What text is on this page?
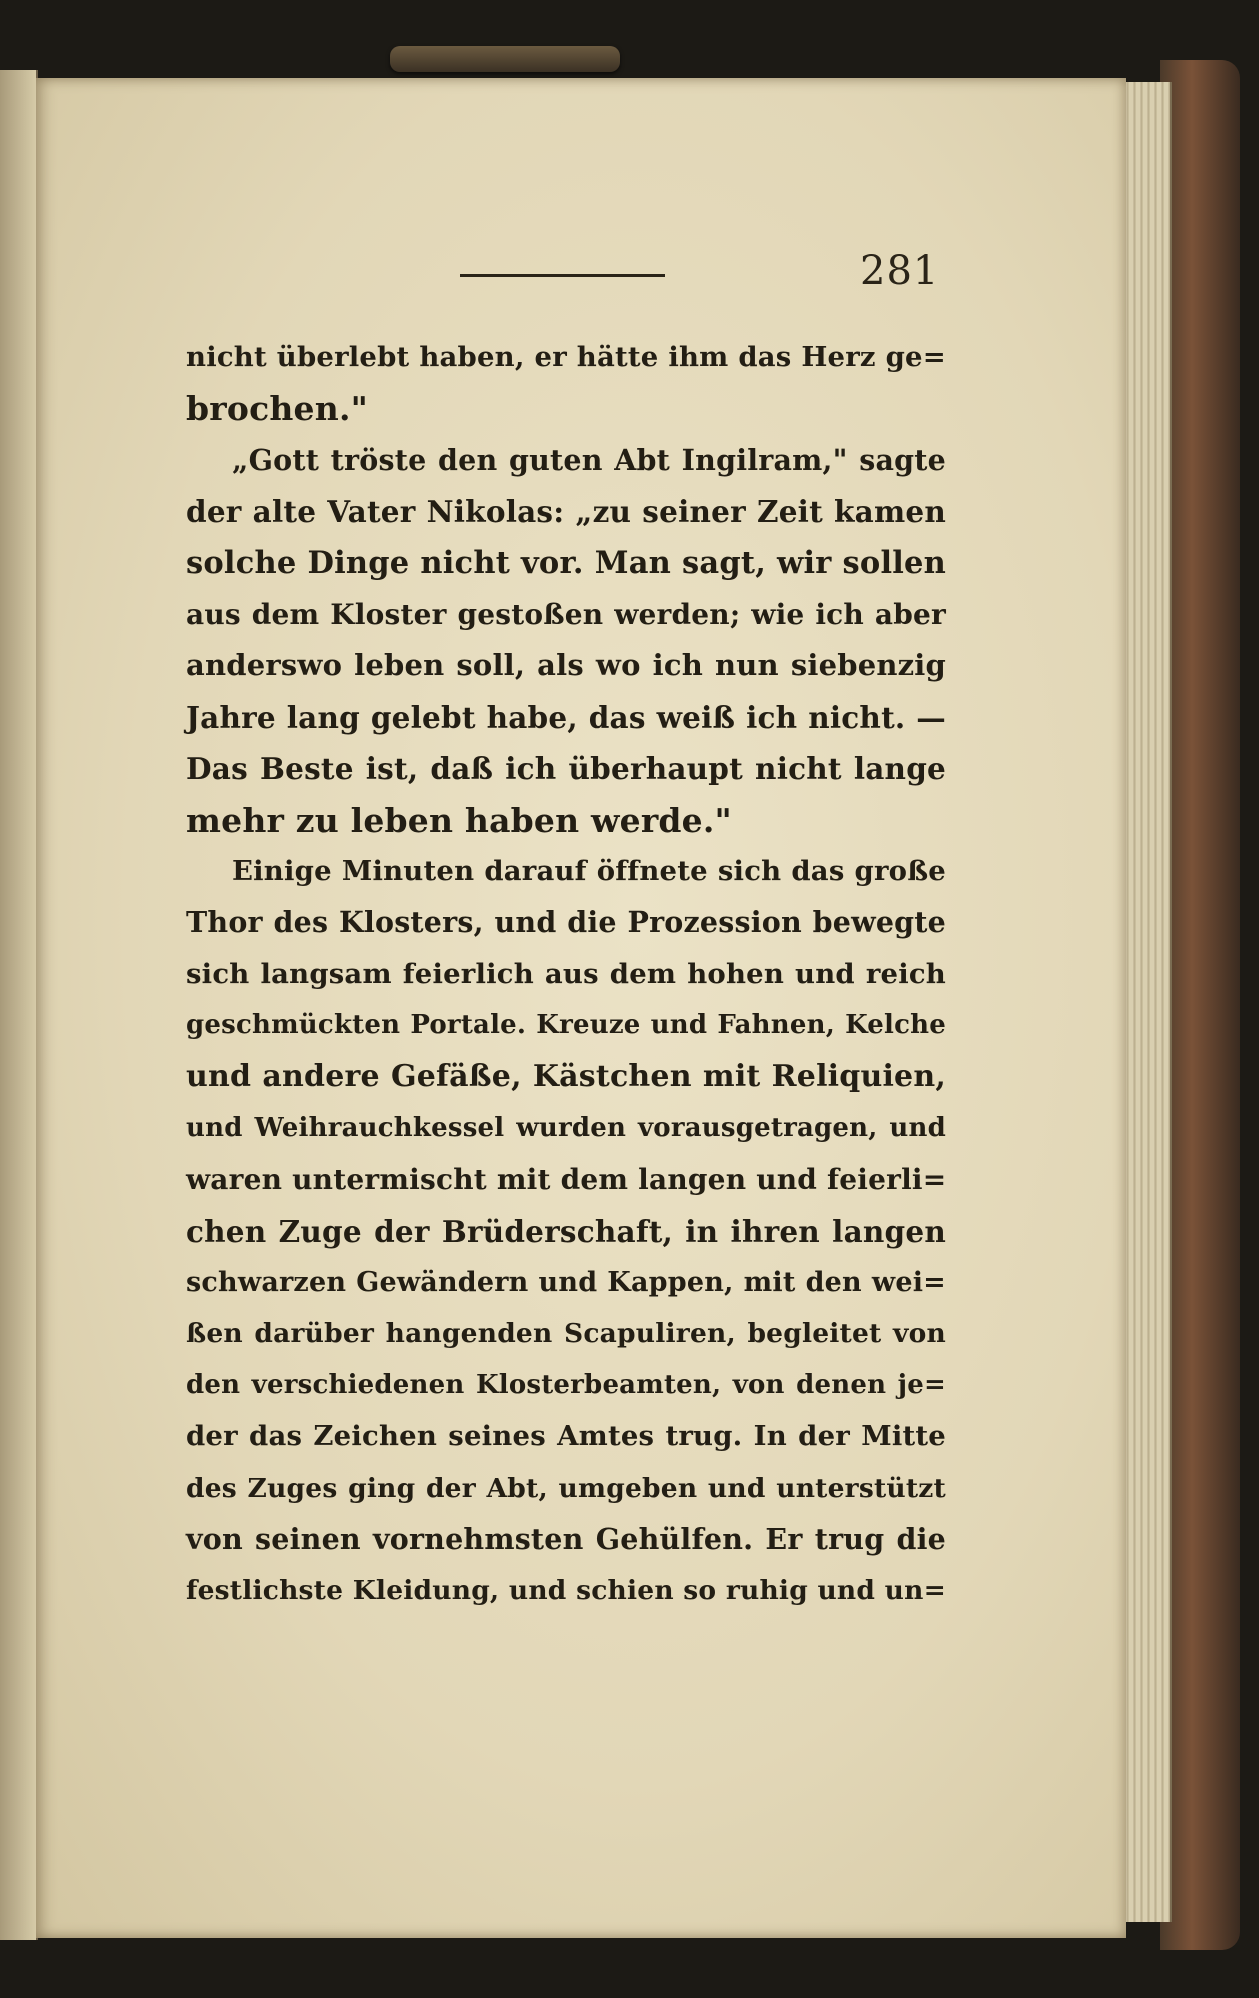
281
nicht überlebt haben, er hätte ihm das Herz ge=
brochen."
„Gott tröste den guten Abt Ingilram," sagte
der alte Vater Nikolas: „zu seiner Zeit kamen
solche Dinge nicht vor. Man sagt, wir sollen
aus dem Kloster gestoßen werden; wie ich aber
anderswo leben soll, als wo ich nun siebenzig
Jahre lang gelebt habe, das weiß ich nicht. —
Das Beste ist, daß ich überhaupt nicht lange
mehr zu leben haben werde."
Einige Minuten darauf öffnete sich das große
Thor des Klosters, und die Prozession bewegte
sich langsam feierlich aus dem hohen und reich
geschmückten Portale. Kreuze und Fahnen, Kelche
und andere Gefäße, Kästchen mit Reliquien,
und Weihrauchkessel wurden vorausgetragen, und
waren untermischt mit dem langen und feierli=
chen Zuge der Brüderschaft, in ihren langen
schwarzen Gewändern und Kappen, mit den wei=
ßen darüber hangenden Scapuliren, begleitet von
den verschiedenen Klosterbeamten, von denen je=
der das Zeichen seines Amtes trug. In der Mitte
des Zuges ging der Abt, umgeben und unterstützt
von seinen vornehmsten Gehülfen. Er trug die
festlichste Kleidung, und schien so ruhig und un=
